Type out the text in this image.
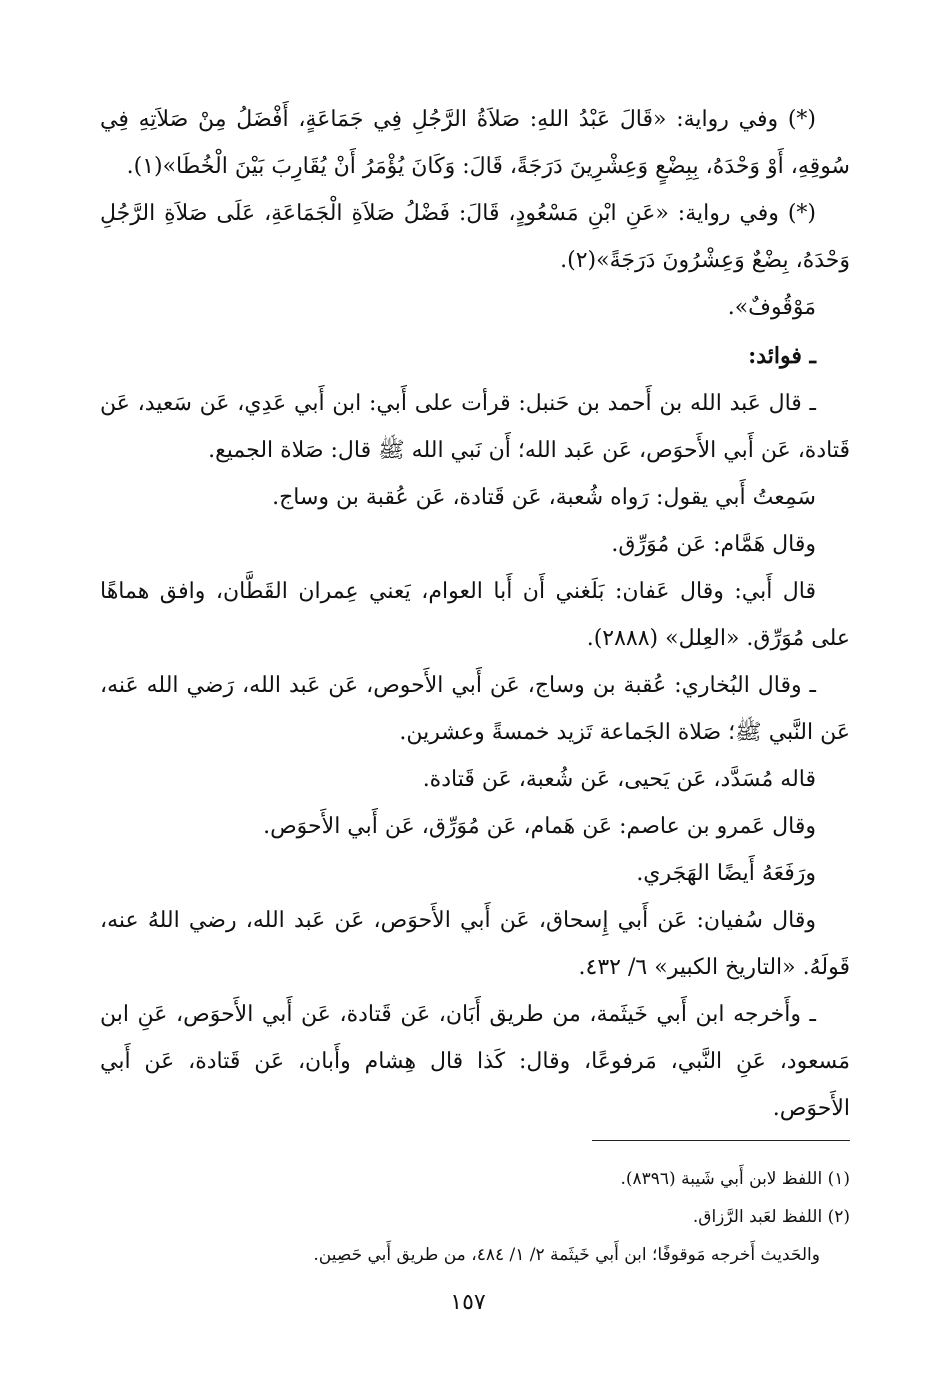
(*) وفي رواية: «قَالَ عَبْدُ اللهِ: صَلاَةُ الرَّجُلِ فِي جَمَاعَةٍ، أَفْضَلُ مِنْ صَلاَتِهِ فِي سُوقِهِ، أَوْ وَحْدَهُ، بِبِضْعٍ وَعِشْرِينَ دَرَجَةً، قَالَ: وَكَانَ يُؤْمَرُ أَنْ يُقَارِبَ بَيْنَ الْخُطَا»(١).

(*) وفي رواية: «عَنِ ابْنِ مَسْعُودٍ، قَالَ: فَضْلُ صَلاَةِ الْجَمَاعَةِ، عَلَى صَلاَةِ الرَّجُلِ وَحْدَهُ، بِضْعٌ وَعِشْرُونَ دَرَجَةً»(٢).

مَوْقُوفٌ».

ـ فوائد:

ـ قال عَبد الله بن أَحمد بن حَنبل: قرأت على أَبي: ابن أَبي عَدِي، عَن سَعيد، عَن قَتادة، عَن أَبي الأَحوَص، عَن عَبد الله؛ أَن نَبي الله ﷺ قال: صَلاة الجميع.

سَمِعتُ أَبي يقول: رَواه شُعبة، عَن قَتادة، عَن عُقبة بن وساج.

وقال هَمَّام: عَن مُوَرِّق.

قال أَبي: وقال عَفان: بَلَغني أَن أَبا العوام، يَعني عِمران القَطَّان، وافق هماهًا على مُوَرِّق. «العِلل» (٢٨٨٨).

ـ وقال البُخاري: عُقبة بن وساج، عَن أَبي الأَحوص، عَن عَبد الله، رَضي الله عَنه، عَن النَّبي ﷺ؛ صَلاة الجَماعة تَزيد خمسةً وعشرين.

قاله مُسَدَّد، عَن يَحيى، عَن شُعبة، عَن قَتادة.

وقال عَمرو بن عاصم: عَن هَمام، عَن مُوَرِّق، عَن أَبي الأَحوَص.

ورَفَعَهُ أَيضًا الهَجَري.

وقال سُفيان: عَن أَبي إِسحاق، عَن أَبي الأَحوَص، عَن عَبد الله، رضي اللهُ عنه، قَولَهُ. «التاريخ الكبير» ٦/ ٤٣٢.

ـ وأَخرجه ابن أَبي خَيثَمة، من طريق أَبَان، عَن قَتادة، عَن أَبي الأَحوَص، عَنِ ابن مَسعود، عَنِ النَّبي، مَرفوعًا، وقال: كَذا قال هِشام وأَبان، عَن قَتادة، عَن أَبي الأَحوَص.

(١) اللفظ لابن أَبي شَيبة (٨٣٩٦).

(٢) اللفظ لعَبد الرَّزاق.

والحَديث أَخرجه مَوقوفًا؛ ابن أَبي خَيثَمة ٢/ ١/ ٤٨٤، من طريق أَبي حَصِين.

١٥٧
